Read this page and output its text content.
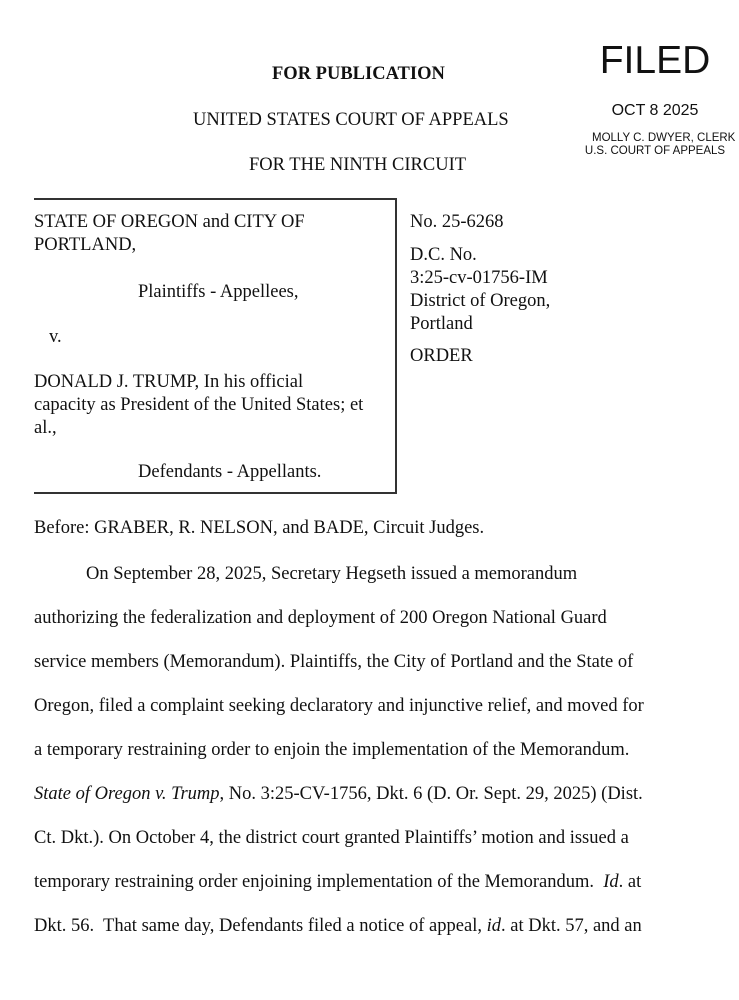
FILED
OCT 8 2025
MOLLY C. DWYER, CLERK
U.S. COURT OF APPEALS
FOR PUBLICATION
UNITED STATES COURT OF APPEALS
FOR THE NINTH CIRCUIT
STATE OF OREGON and CITY OF
PORTLAND,
Plaintiffs - Appellees,
v.
DONALD J. TRUMP, In his official
capacity as President of the United States; et
al.,
Defendants - Appellants.
No. 25-6268
D.C. No.
3:25-cv-01756-IM
District of Oregon,
Portland
ORDER
Before: GRABER, R. NELSON, and BADE, Circuit Judges.
On September 28, 2025, Secretary Hegseth issued a memorandum
authorizing the federalization and deployment of 200 Oregon National Guard
service members (Memorandum). Plaintiffs, the City of Portland and the State of
Oregon, filed a complaint seeking declaratory and injunctive relief, and moved for
a temporary restraining order to enjoin the implementation of the Memorandum.
State of Oregon v. Trump, No. 3:25-CV-1756, Dkt. 6 (D. Or. Sept. 29, 2025) (Dist.
Ct. Dkt.). On October 4, the district court granted Plaintiffs’ motion and issued a
temporary restraining order enjoining implementation of the Memorandum.  Id. at
Dkt. 56.  That same day, Defendants filed a notice of appeal, id. at Dkt. 57, and an
